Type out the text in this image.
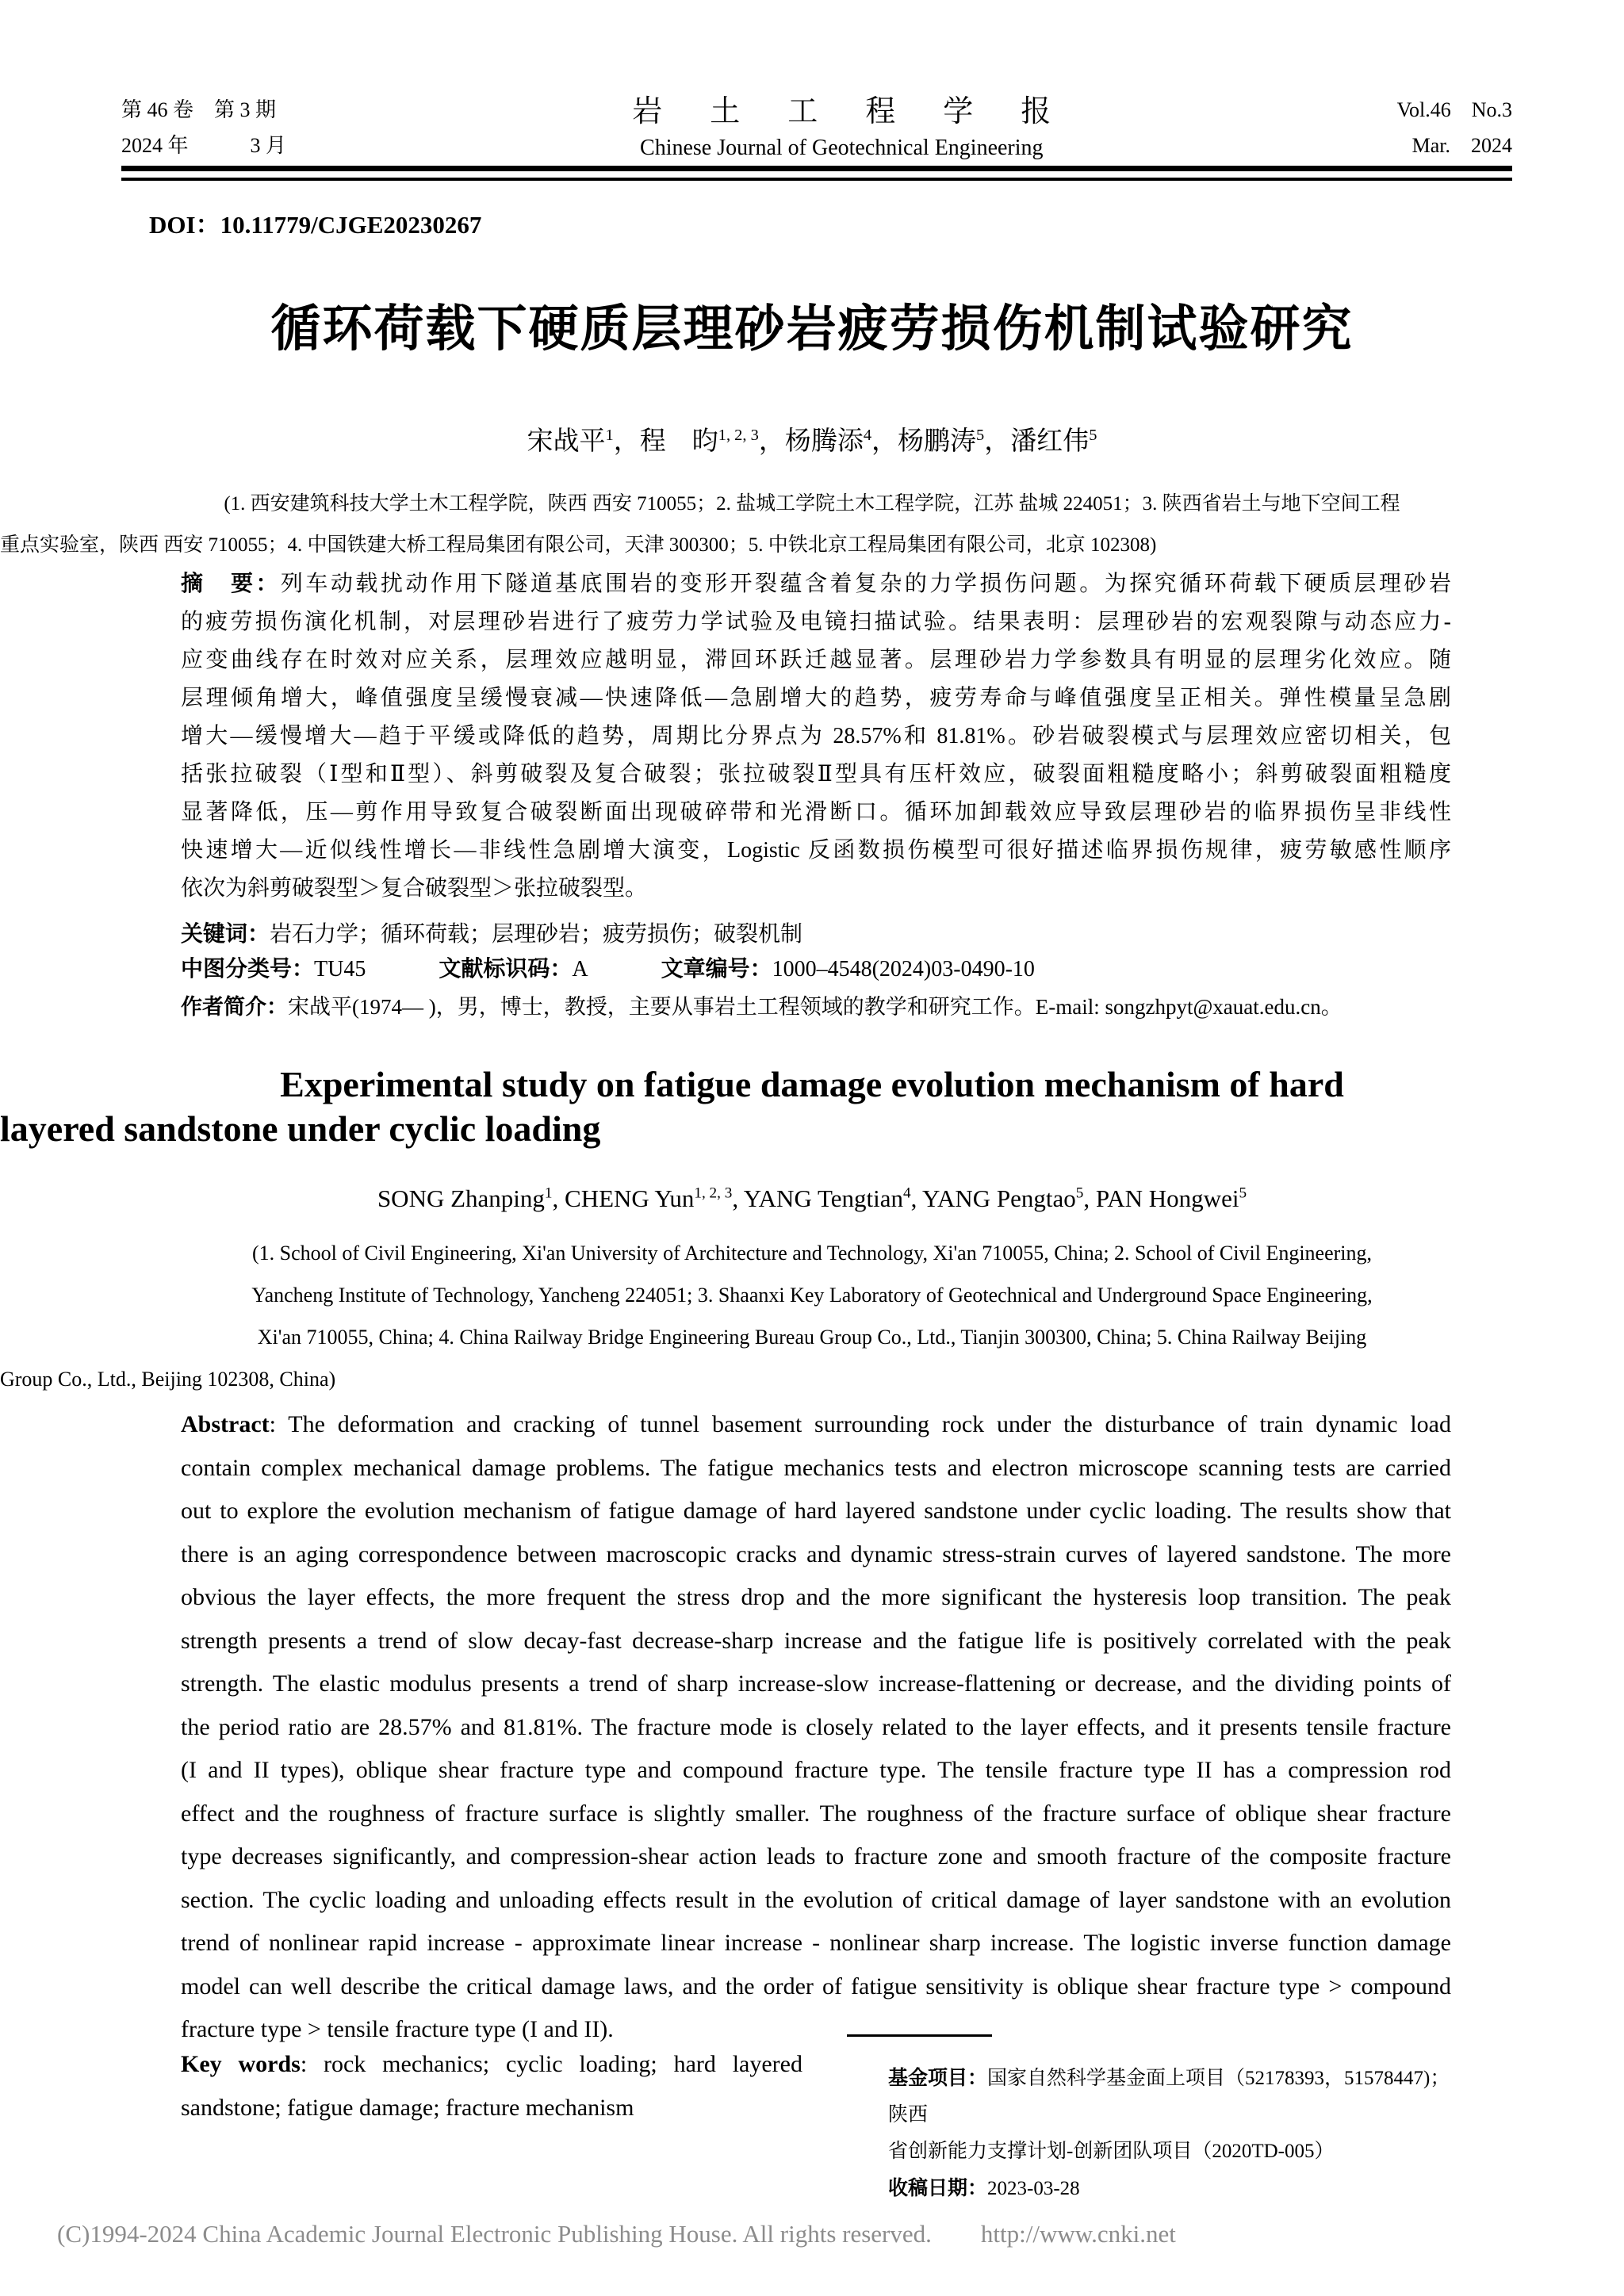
第 46 卷　第 3 期
2024 年　　　3 月
岩土工程学报
Chinese Journal of Geotechnical Engineering
Vol.46　No.3
Mar.　2024
DOI：10.11779/CJGE20230267
循环荷载下硬质层理砂岩疲劳损伤机制试验研究
宋战平$^1$，程　昀$^{1, 2, 3}$，杨腾添$^4$，杨鹏涛$^5$，潘红伟$^5$
(1. 西安建筑科技大学土木工程学院，陕西 西安 710055；2. 盐城工学院土木工程学院，江苏 盐城 224051；3. 陕西省岩土与地下空间工程
重点实验室，陕西 西安 710055；4. 中国铁建大桥工程局集团有限公司，天津 300300；5. 中铁北京工程局集团有限公司，北京 102308)
摘　要：列车动载扰动作用下隧道基底围岩的变形开裂蕴含着复杂的力学损伤问题。为探究循环荷载下硬质层理砂岩
的疲劳损伤演化机制，对层理砂岩进行了疲劳力学试验及电镜扫描试验。结果表明：层理砂岩的宏观裂隙与动态应力-
应变曲线存在时效对应关系，层理效应越明显，滞回环跃迁越显著。层理砂岩力学参数具有明显的层理劣化效应。随
层理倾角增大，峰值强度呈缓慢衰减—快速降低—急剧增大的趋势，疲劳寿命与峰值强度呈正相关。弹性模量呈急剧
增大—缓慢增大—趋于平缓或降低的趋势，周期比分界点为 28.57%和 81.81%。砂岩破裂模式与层理效应密切相关，包
括张拉破裂（Ⅰ型和Ⅱ型）、斜剪破裂及复合破裂；张拉破裂Ⅱ型具有压杆效应，破裂面粗糙度略小；斜剪破裂面粗糙度
显著降低，压—剪作用导致复合破裂断面出现破碎带和光滑断口。循环加卸载效应导致层理砂岩的临界损伤呈非线性
快速增大—近似线性增长—非线性急剧增大演变，Logistic 反函数损伤模型可很好描述临界损伤规律，疲劳敏感性顺序
依次为斜剪破裂型＞复合破裂型＞张拉破裂型。
关键词：岩石力学；循环荷载；层理砂岩；疲劳损伤；破裂机制
中图分类号：TU45	文献标识码：A	文章编号：1000–4548(2024)03-0490-10
作者简介：宋战平(1974— )，男，博士，教授，主要从事岩土工程领域的教学和研究工作。E-mail: songzhpyt@xauat.edu.cn。
Experimental study on fatigue damage evolution mechanism of hard
layered sandstone under cyclic loading
SONG Zhanping$^1$, CHENG Yun$^{1, 2, 3}$, YANG Tengtian$^4$, YANG Pengtao$^5$, PAN Hongwei$^5$
(1. School of Civil Engineering, Xi'an University of Architecture and Technology, Xi'an 710055, China; 2. School of Civil Engineering,
Yancheng Institute of Technology, Yancheng 224051; 3. Shaanxi Key Laboratory of Geotechnical and Underground Space Engineering,
Xi'an 710055, China; 4. China Railway Bridge Engineering Bureau Group Co., Ltd., Tianjin 300300, China; 5. China Railway Beijing
Group Co., Ltd., Beijing 102308, China)
Abstract: The deformation and cracking of tunnel basement surrounding rock under the disturbance of train dynamic load
contain complex mechanical damage problems. The fatigue mechanics tests and electron microscope scanning tests are carried
out to explore the evolution mechanism of fatigue damage of hard layered sandstone under cyclic loading. The results show that
there is an aging correspondence between macroscopic cracks and dynamic stress-strain curves of layered sandstone. The more
obvious the layer effects, the more frequent the stress drop and the more significant the hysteresis loop transition. The peak
strength presents a trend of slow decay-fast decrease-sharp increase and the fatigue life is positively correlated with the peak
strength. The elastic modulus presents a trend of sharp increase-slow increase-flattening or decrease, and the dividing points of
the period ratio are 28.57% and 81.81%. The fracture mode is closely related to the layer effects, and it presents tensile fracture
(I and II types), oblique shear fracture type and compound fracture type. The tensile fracture type II has a compression rod
effect and the roughness of fracture surface is slightly smaller. The roughness of the fracture surface of oblique shear fracture
type decreases significantly, and compression-shear action leads to fracture zone and smooth fracture of the composite fracture
section. The cyclic loading and unloading effects result in the evolution of critical damage of layer sandstone with an evolution
trend of nonlinear rapid increase - approximate linear increase - nonlinear sharp increase. The logistic inverse function damage
model can well describe the critical damage laws, and the order of fatigue sensitivity is oblique shear fracture type > compound
fracture type > tensile fracture type (I and II).
Key words: rock mechanics; cyclic loading; hard layered
sandstone; fatigue damage; fracture mechanism
基金项目：国家自然科学基金面上项目（52178393，51578447)；陕西
省创新能力支撑计划-创新团队项目（2020TD-005）
收稿日期：2023-03-28
(C)1994-2024 China Academic Journal Electronic Publishing House. All rights reserved. http://www.cnki.net
